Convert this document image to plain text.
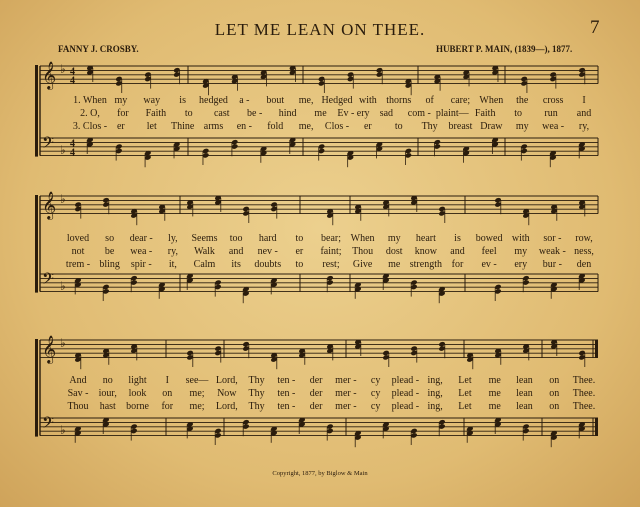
LET ME LEAN ON THEE.	7
FANNY J. CROSBY.	HUBERT P. MAIN, (1839—), 1877.
𝄞
𝄢
♭
♭
4
4
4
4
𝄞
𝄢
♭
♭
𝄞
𝄢
♭
♭
1. When my way is hedged a - bout me, Hedged with thorns of care; When the cross I
2. O, for Faith to cast be - hind me Ev - ery sad com - plaint— Faith to run and
3. Clos - er let Thine arms en - fold me, Clos - er to Thy breast Draw my wea - ry,
loved so dear - ly, Seems too hard to bear; When my heart is bowed with sor - row,
not be wea - ry, Walk and nev - er faint; Thou dost know and feel my weak - ness,
trem - bling spir - it, Calm its doubts to rest; Give me strength for ev - ery bur - den
And no light I see— Lord, Thy ten - der mer - cy plead - ing, Let me lean on Thee.
Sav - iour, look on me; Now Thy ten - der mer - cy plead - ing, Let me lean on Thee.
Thou hast borne for me; Lord, Thy ten - der mer - cy plead - ing, Let me lean on Thee.
Copyright, 1877, by Biglow & Main
